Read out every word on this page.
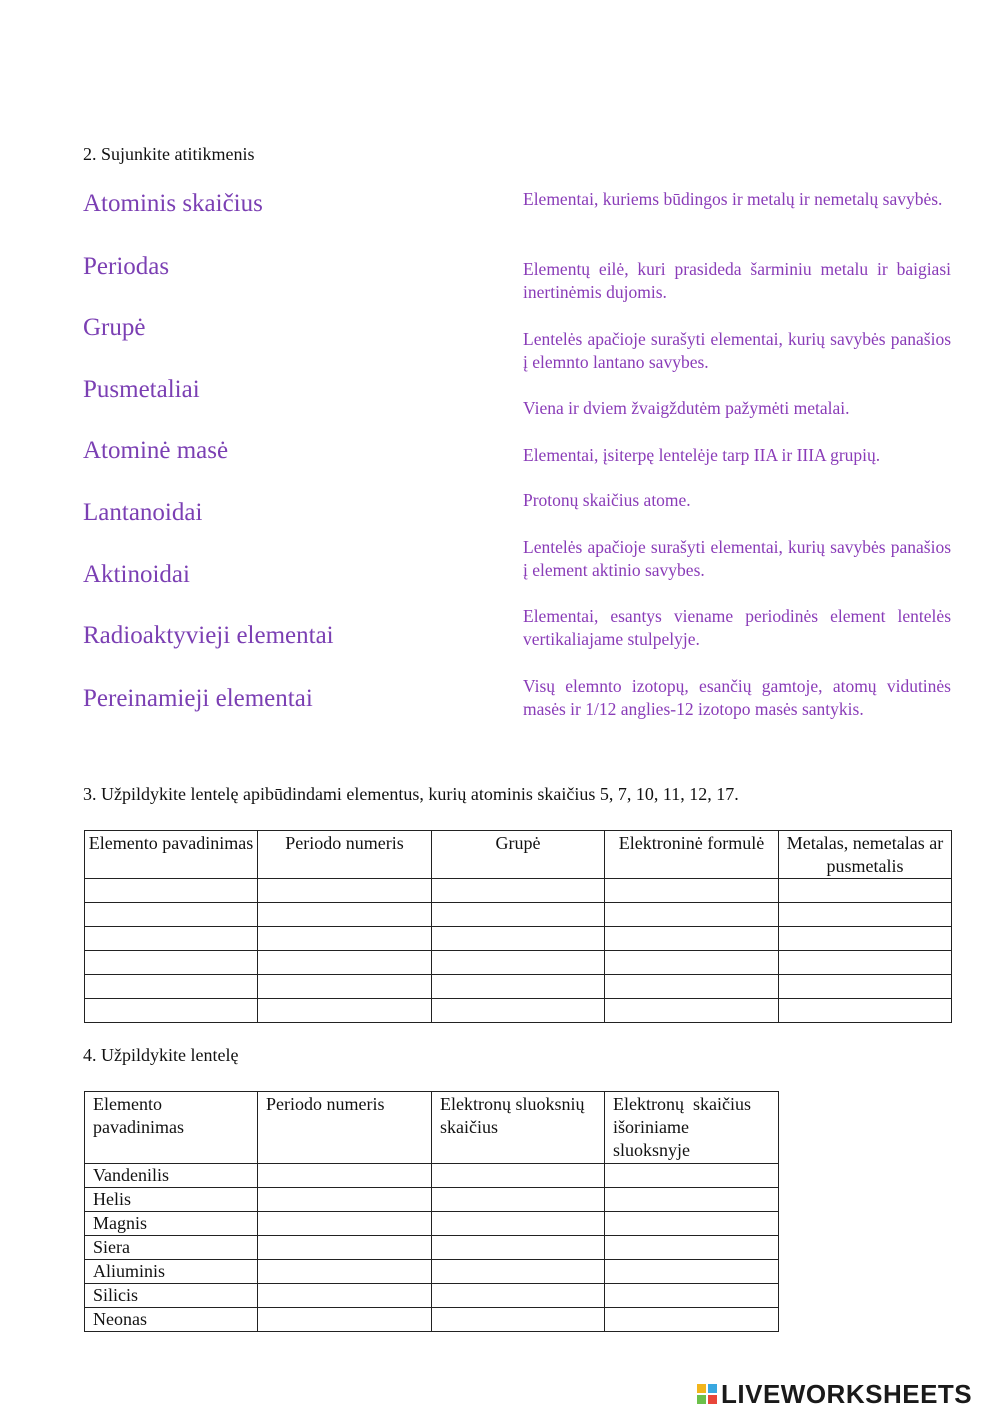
2. Sujunkite atitikmenis
Atominis skaičius
Periodas
Grupė
Pusmetaliai
Atominė masė
Lantanoidai
Aktinoidai
Radioaktyvieji elementai
Pereinamieji elementai
Elementai, kuriems būdingos ir metalų ir nemetalų savybės.
Elementų eilė, kuri prasideda šarminiu metalu ir baigiasi inertinėmis dujomis.
Lentelės apačioje surašyti elementai, kurių savybės panašios į elemnto lantano savybes.
Viena ir dviem žvaigždutėm pažymėti metalai.
Elementai, įsiterpę lentelėje tarp IIA ir IIIA grupių.
Protonų skaičius atome.
Lentelės apačioje surašyti elementai, kurių savybės panašios į element aktinio savybes.
Elementai, esantys viename periodinės element lentelės vertikaliajame stulpelyje.
Visų elemnto izotopų, esančių gamtoje, atomų vidutinės masės ir 1/12 anglies-12 izotopo masės santykis.
3. Užpildykite lentelę apibūdindami elementus, kurių atominis skaičius 5, 7, 10, 11, 12, 17.
Elemento pavadinimas	Periodo numeris	Grupė	Elektroninė formulė	Metalas, nemetalas ar pusmetalis

4. Užpildykite lentelę
Elemento pavadinimas	Periodo numeris	Elektronų sluoksnių skaičius	Elektronų  skaičius išoriniame sluoksnyje
Vandenilis			
Helis			
Magnis			
Siera			
Aliuminis			
Silicis			
Neonas			
LIVEWORKSHEETS
